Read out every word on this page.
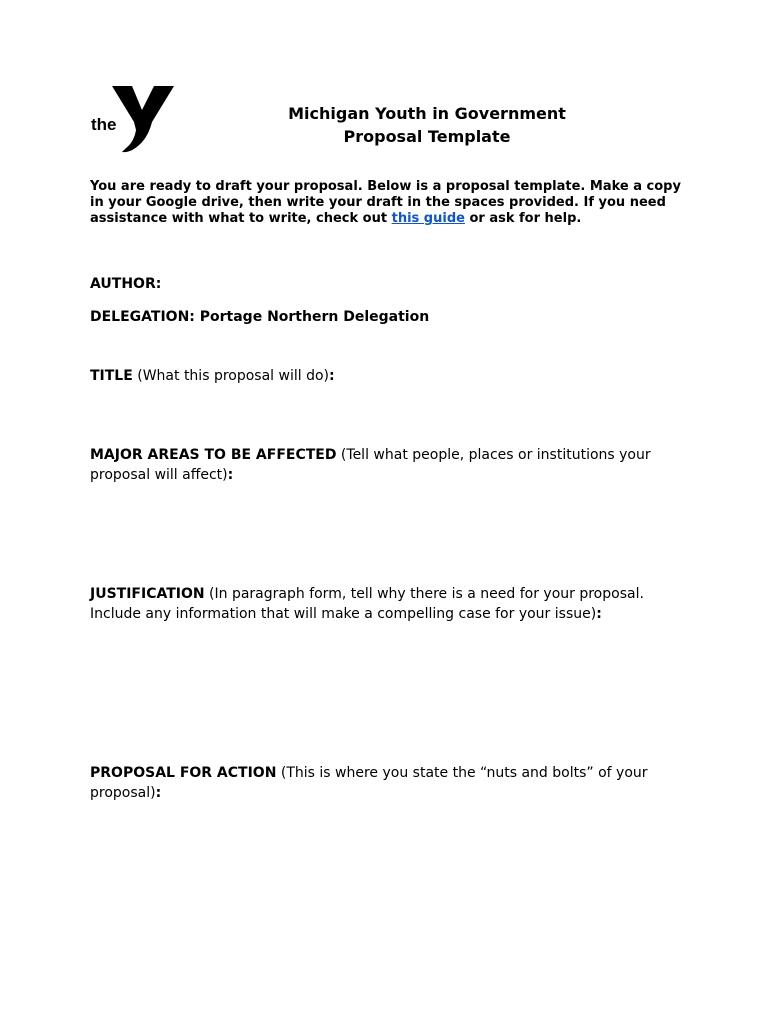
the
Michigan Youth in Government
Proposal Template
You are ready to draft your proposal. Below is a proposal template. Make a copy in your Google drive, then write your draft in the spaces provided. If you need assistance with what to write, check out this guide or ask for help.
AUTHOR:
DELEGATION: Portage Northern Delegation
TITLE (What this proposal will do):
MAJOR AREAS TO BE AFFECTED (Tell what people, places or institutions your proposal will affect):
JUSTIFICATION (In paragraph form, tell why there is a need for your proposal. Include any information that will make a compelling case for your issue):
PROPOSAL FOR ACTION (This is where you state the “nuts and bolts” of your proposal):
